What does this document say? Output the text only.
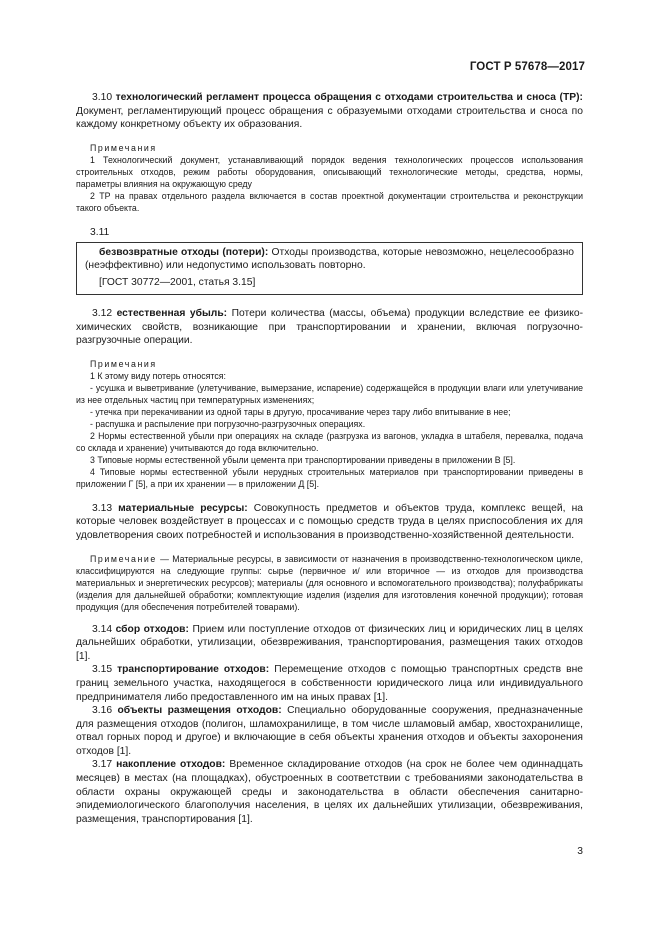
ГОСТ Р 57678—2017

3.10 технологический регламент процесса обращения с отходами строительства и сноса (ТР): Документ, регламентирующий процесс обращения с образуемыми отходами строительства и сноса по каждому конкретному объекту их образования.

Примечания

1 Технологический документ, устанавливающий порядок ведения технологических процессов использования строительных отходов, режим работы оборудования, описывающий технологические методы, средства, нормы, параметры влияния на окружающую среду

2 ТР на правах отдельного раздела включается в состав проектной документации строительства и реконструкции такого объекта.

3.11

безвозвратные отходы (потери): Отходы производства, которые невозможно, нецелесообразно (неэффективно) или недопустимо использовать повторно.

[ГОСТ 30772—2001, статья 3.15]

3.12 естественная убыль: Потери количества (массы, объема) продукции вследствие ее физико-химических свойств, возникающие при транспортировании и хранении, включая погрузочно-разгрузочные операции.

Примечания

1 К этому виду потерь относятся:

- усушка и выветривание (улетучивание, вымерзание, испарение) содержащейся в продукции влаги или улетучивание из нее отдельных частиц при температурных изменениях;

- утечка при перекачивании из одной тары в другую, просачивание через тару либо впитывание в нее;

- распушка и распыление при погрузочно-разгрузочных операциях.

2 Нормы естественной убыли при операциях на складе (разгрузка из вагонов, укладка в штабеля, перевалка, подача со склада и хранение) учитываются до года включительно.

3 Типовые нормы естественной убыли цемента при транспортировании приведены в приложении В [5].

4 Типовые нормы естественной убыли нерудных строительных материалов при транспортировании приведены в приложении Г [5], а при их хранении — в приложении Д [5].

3.13 материальные ресурсы: Совокупность предметов и объектов труда, комплекс вещей, на которые человек воздействует в процессах и с помощью средств труда в целях приспособления их для удовлетворения своих потребностей и использования в производственно-хозяйственной деятельности.

Примечание — Материальные ресурсы, в зависимости от назначения в производственно-технологическом цикле, классифицируются на следующие группы: сырье (первичное и/ или вторичное — из отходов для производства материальных и энергетических ресурсов); материалы (для основного и вспомогательного производства); полуфабрикаты (изделия для дальнейшей обработки; комплектующие изделия (изделия для изготовления конечной продукции); готовая продукция (для обеспечения потребителей товарами).

3.14 сбор отходов: Прием или поступление отходов от физических лиц и юридических лиц в целях дальнейших обработки, утилизации, обезвреживания, транспортирования, размещения таких отходов [1].

3.15 транспортирование отходов: Перемещение отходов с помощью транспортных средств вне границ земельного участка, находящегося в собственности юридического лица или индивидуального предпринимателя либо предоставленного им на иных правах [1].

3.16 объекты размещения отходов: Специально оборудованные сооружения, предназначенные для размещения отходов (полигон, шламохранилище, в том числе шламовый амбар, хвостохранилище, отвал горных пород и другое) и включающие в себя объекты хранения отходов и объекты захоронения отходов [1].

3.17 накопление отходов: Временное складирование отходов (на срок не более чем одиннадцать месяцев) в местах (на площадках), обустроенных в соответствии с требованиями законодательства в области охраны окружающей среды и законодательства в области обеспечения санитарно-эпидемиологического благополучия населения, в целях их дальнейших утилизации, обезвреживания, размещения, транспортирования [1].

3
